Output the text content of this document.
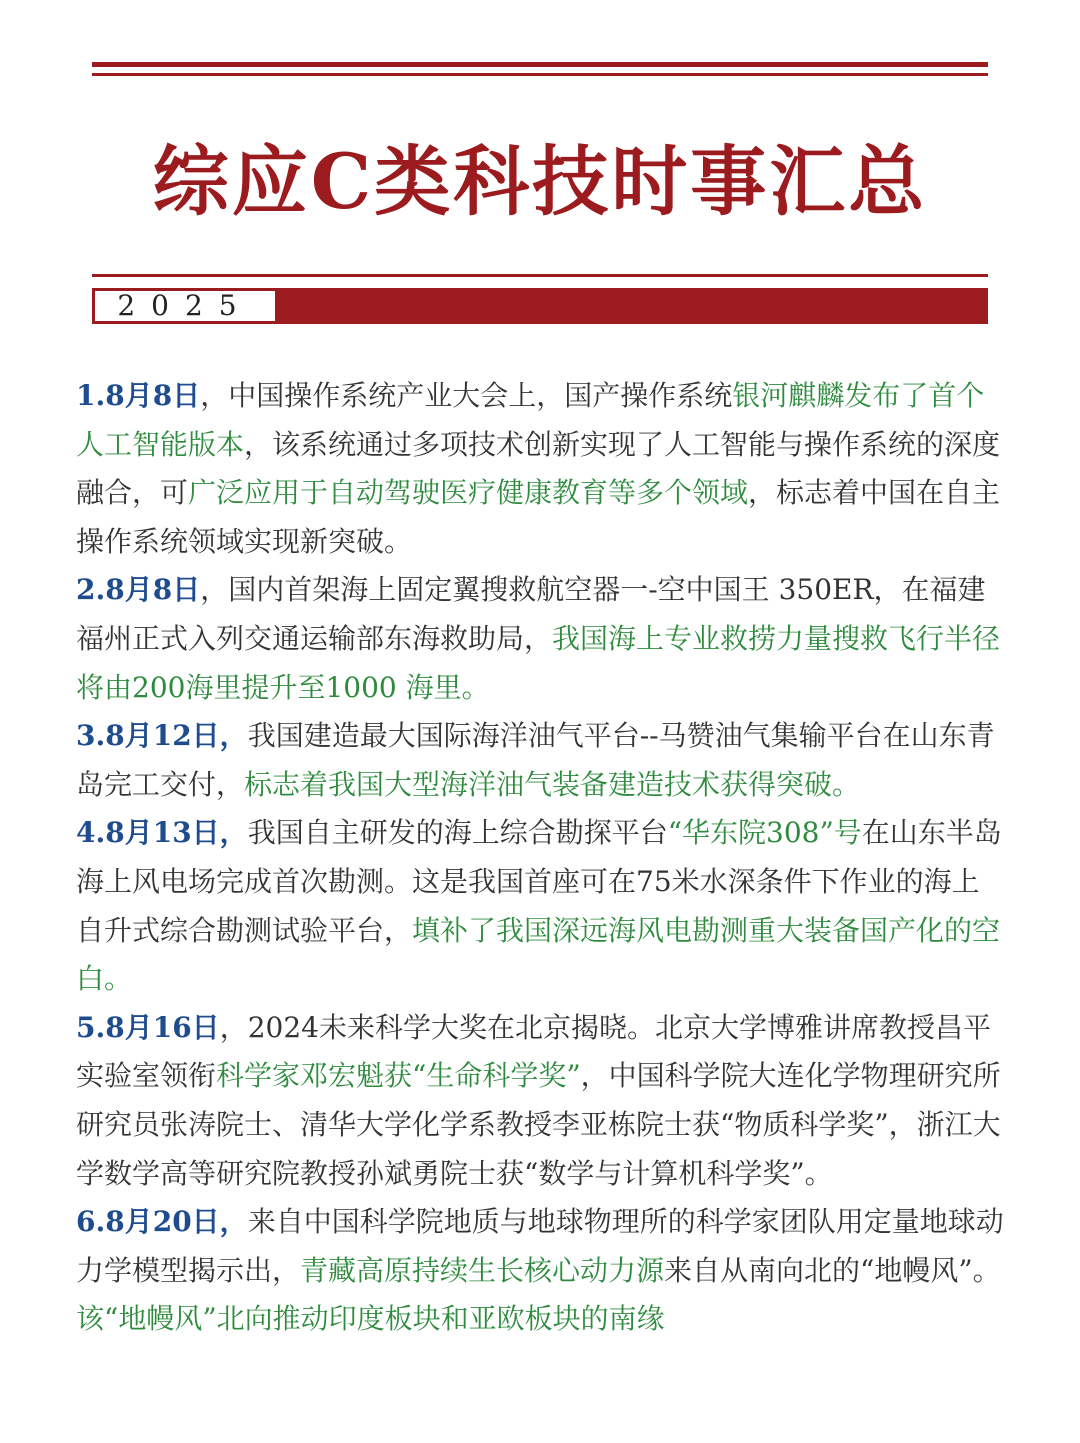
综应C类科技时事汇总
2025

1.8月8日，中国操作系统产业大会上，国产操作系统银河麒麟发布了首个人工智能版本，该系统通过多项技术创新实现了人工智能与操作系统的深度融合，可广泛应用于自动驾驶医疗健康教育等多个领域，标志着中国在自主操作系统领域实现新突破。

2.8月8日，国内首架海上固定翼搜救航空器一-空中国王 350ER，在福建福州正式入列交通运输部东海救助局，我国海上专业救捞力量搜救飞行半径将由200海里提升至1000 海里。

3.8月12日，我国建造最大国际海洋油气平台--马赞油气集输平台在山东青岛完工交付，标志着我国大型海洋油气装备建造技术获得突破。

4.8月13日，我国自主研发的海上综合勘探平台“华东院308”号在山东半岛海上风电场完成首次勘测。这是我国首座可在75米水深条件下作业的海上自升式综合勘测试验平台，填补了我国深远海风电勘测重大装备国产化的空白。

5.8月16日，2024未来科学大奖在北京揭晓。北京大学博雅讲席教授昌平实验室领衔科学家邓宏魁获“生命科学奖”，中国科学院大连化学物理研究所研究员张涛院士、清华大学化学系教授李亚栋院士获“物质科学奖”，浙江大学数学高等研究院教授孙斌勇院士获“数学与计算机科学奖”。

6.8月20日，来自中国科学院地质与地球物理所的科学家团队用定量地球动力学模型揭示出，青藏高原持续生长核心动力源来自从南向北的“地幔风”。该“地幔风”北向推动印度板块和亚欧板块的南缘
